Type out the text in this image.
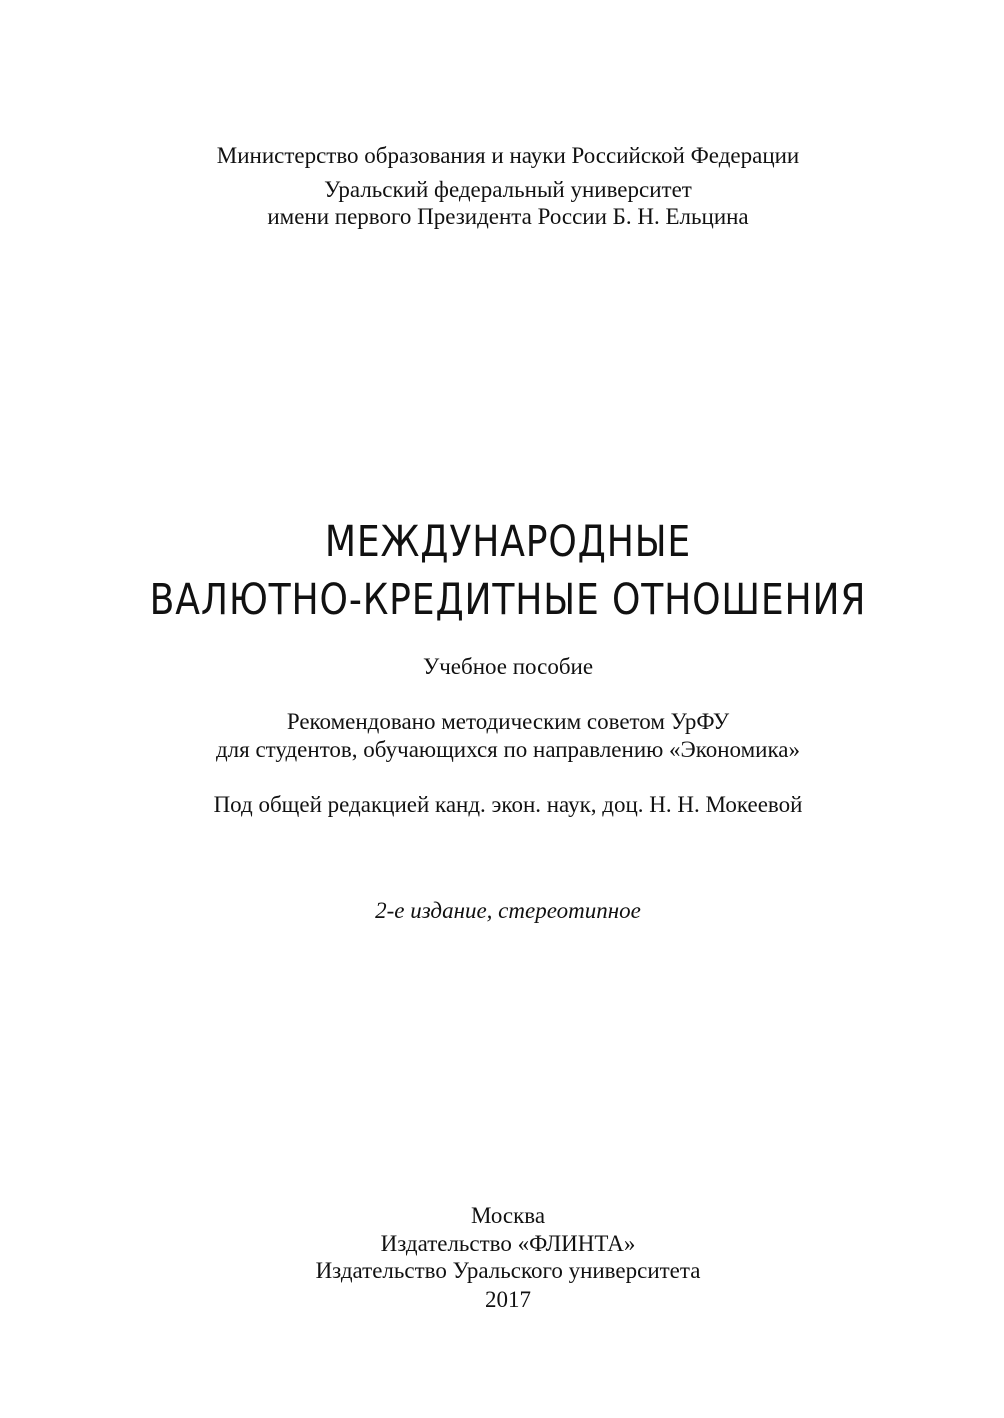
Министерство образования и науки Российской Федерации
Уральский федеральный университет
имени первого Президента России Б. Н. Ельцина
МЕЖДУНАРОДНЫЕ
ВАЛЮТНО-КРЕДИТНЫЕ ОТНОШЕНИЯ
Учебное пособие
Рекомендовано методическим советом УрФУ
для студентов, обучающихся по направлению «Экономика»
Под общей редакцией канд. экон. наук, доц. Н. Н. Мокеевой
2-е издание, стереотипное
Москва
Издательство «ФЛИНТА»
Издательство Уральского университета
2017
